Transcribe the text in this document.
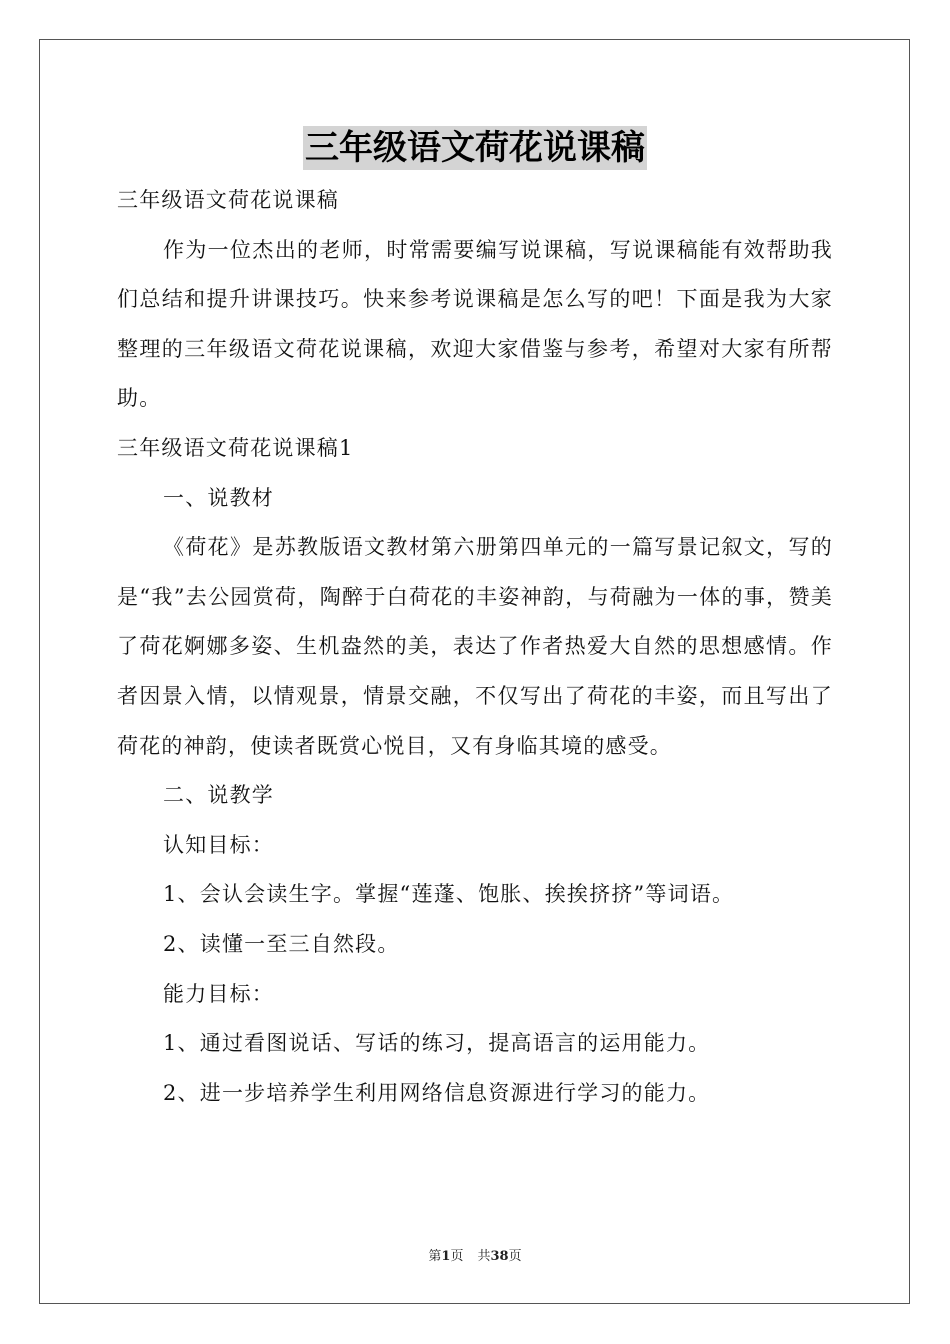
三年级语文荷花说课稿

三年级语文荷花说课稿

作为一位杰出的老师，时常需要编写说课稿，写说课稿能有效帮助我们总结和提升讲课技巧。快来参考说课稿是怎么写的吧！下面是我为大家整理的三年级语文荷花说课稿，欢迎大家借鉴与参考，希望对大家有所帮助。

三年级语文荷花说课稿1

一、说教材

《荷花》是苏教版语文教材第六册第四单元的一篇写景记叙文，写的是“我”去公园赏荷，陶醉于白荷花的丰姿神韵，与荷融为一体的事，赞美了荷花婀娜多姿、生机盎然的美，表达了作者热爱大自然的思想感情。作者因景入情，以情观景，情景交融，不仅写出了荷花的丰姿，而且写出了荷花的神韵，使读者既赏心悦目，又有身临其境的感受。

二、说教学

认知目标：

1、会认会读生字。掌握“莲蓬、饱胀、挨挨挤挤”等词语。

2、读懂一至三自然段。

能力目标：

1、通过看图说话、写话的练习，提高语言的运用能力。

2、进一步培养学生利用网络信息资源进行学习的能力。

第1页 共38页
